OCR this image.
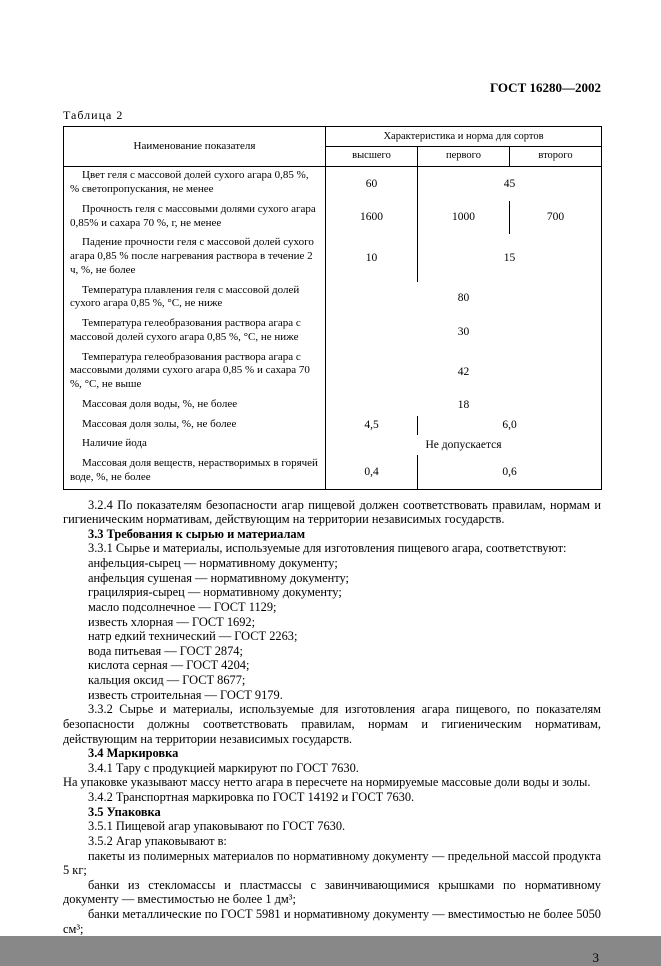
ГОСТ 16280—2002
Таблица 2
Наименование показателя	Характеристика и норма для сортов		
	высшего	первого	второго
Цвет геля с массовой долей сухого агара 0,85 %, % светопропускания, не менее	60	45	
Прочность геля с массовыми долями сухого агара 0,85% и сахара 70 %, г, не менее	1600	1000	700
Падение прочности геля с массовой долей сухого агара 0,85 % после нагревания раствора в течение 2 ч, %, не более	10	15	
Температура плавления геля с массовой долей сухого агара 0,85 %, °С, не ниже	80		
Температура гелеобразования раствора агара с массовой долей сухого агара 0,85 %, °С, не ниже	30		
Температура гелеобразования раствора агара с массовыми долями сухого агара 0,85 % и сахара 70 %, °С, не выше	42		
Массовая доля воды, %, не более	18		
Массовая доля золы, %, не более	4,5	6,0	
Наличие йода	Не допускается		
Массовая доля веществ, нерастворимых в горячей воде, %, не более	0,4	0,6	

3.2.4 По показателям безопасности агар пищевой должен соответствовать правилам, нормам и гигиеническим нормативам, действующим на территории независимых государств.

3.3 Требования к сырью и материалам

3.3.1 Сырье и материалы, используемые для изготовления пищевого агара, соответствуют:

анфельция-сырец — нормативному документу;

анфельция сушеная — нормативному документу;

грацилярия-сырец — нормативному документу;

масло подсолнечное — ГОСТ 1129;

известь хлорная — ГОСТ 1692;

натр едкий технический — ГОСТ 2263;

вода питьевая — ГОСТ 2874;

кислота серная — ГОСТ 4204;

кальция оксид — ГОСТ 8677;

известь строительная — ГОСТ 9179.

3.3.2 Сырье и материалы, используемые для изготовления агара пищевого, по показателям безопасности должны соответствовать правилам, нормам и гигиеническим нормативам, действующим на территории независимых государств.

3.4 Маркировка

3.4.1 Тару с продукцией маркируют по ГОСТ 7630.

На упаковке указывают массу нетто агара в пересчете на нормируемые массовые доли воды и золы.

3.4.2 Транспортная маркировка по ГОСТ 14192 и ГОСТ 7630.

3.5 Упаковка

3.5.1 Пищевой агар упаковывают по ГОСТ 7630.

3.5.2 Агар упаковывают в:

пакеты из полимерных материалов по нормативному документу — предельной массой продукта 5 кг;

банки из стекломассы и пластмассы с завинчивающимися крышками по нормативному документу — вместимостью не более 1 дм³;

банки металлические по ГОСТ 5981 и нормативному документу — вместимостью не более 5050 см³;

3
